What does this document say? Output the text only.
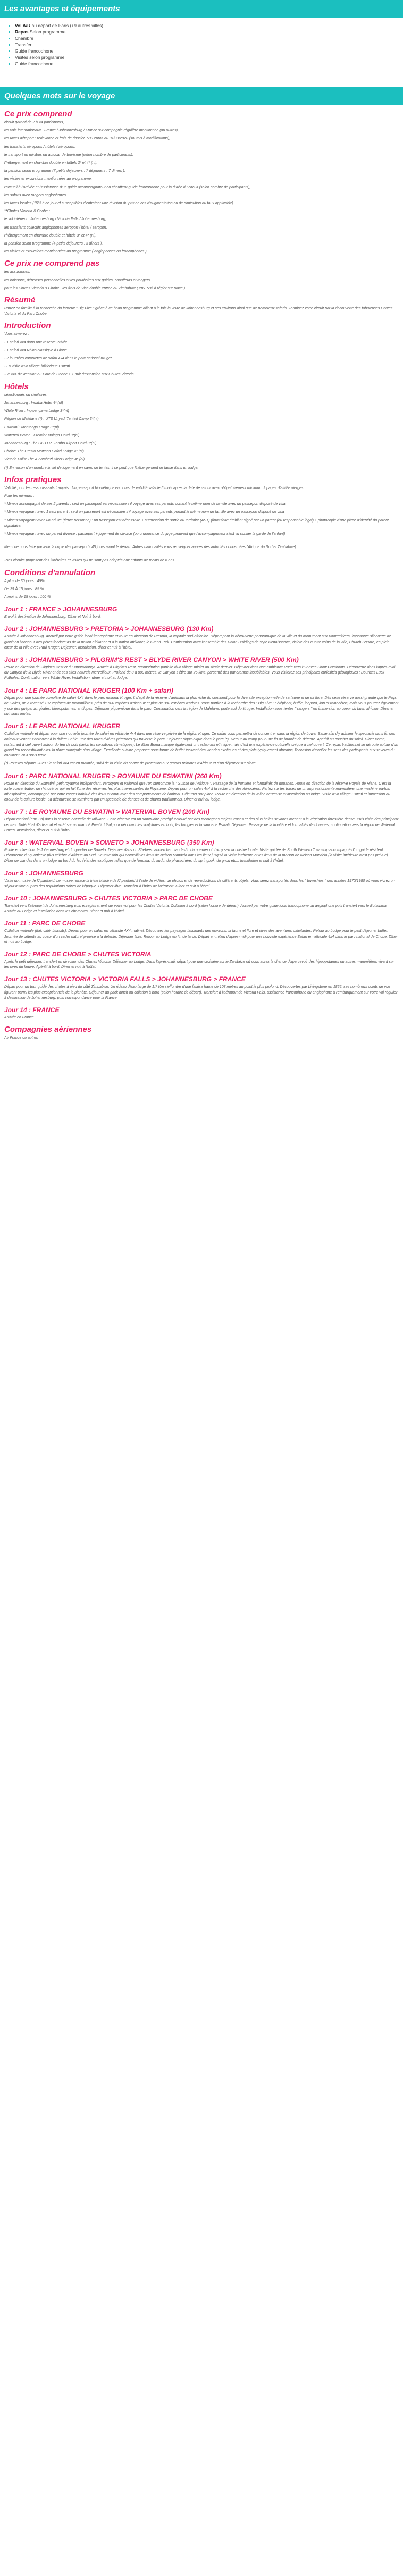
Les avantages et équipements
• Vol A/R au départ de Paris (+9 autres villes)
• Repas Selon programme
• Chambre
• Transfert
• Guide francophone
• Visites selon programme
• Guide francophone
Quelques mots sur le voyage
Ce prix comprend

circuit garanti de 2 à 44 participants,

les vols internationaux : France / Johannesburg / France sur compagnie régulière mentionnée (ou autres),

les taxes aéroport : redevance et frais de dossier. 500 euros au 01/03/2020 (soumis à modifications),

les transferts aéroports / hôtels / aéroports,

le transport en minibus ou autocar de tourisme (selon nombre de participants),

l'hébergement en chambre double en hôtels 3* et 4* (nl),

la pension selon programme (7 petits déjeuners , 7 déjeuners , 7 dîners ),

les visites et excursions mentionnées au programme,

l'accueil à l'arrivée et l'assistance d'un guide accompagnateur ou chauffeur-guide francophone pour la durée du circuit (selon nombre de participants),

les safaris avec rangers anglophones

les taxes locales (15% à ce jour et susceptibles d'entraîner une révision du prix en cas d'augmentation ou de diminution du taux applicable)

**Chutes Victoria & Chobe :

le vol intérieur : Johannesburg / Victoria Falls / Johannesburg,

les transferts collectifs anglophones aéroport / hôtel / aéroport,

l'hébergement en chambre double et hôtels 3* et 4* (nl),

la pension selon programme (4 petits déjeuners , 3 dîners ),

les visites et excursions mentionnées au programme ( anglophones ou francophones )

Ce prix ne comprend pas

les assurances,

les boissons, dépenses personnelles et les pourboires aux guides, chauffeurs et rangers

pour les Chutes Victoria & Chobe : les frais de Visa double entrée au Zimbabwe ( env. 50$ à régler sur place )

Résumé

Partez en famille à la recherche du fameux " Big Five " grâce à ce beau programme alliant à la fois la visite de Johannesburg et ses environs ainsi que de nombreux safaris. Terminez votre circuit par la découverte des fabuleuses Chutes Victoria et du Parc Chobe.

Introduction

Vous aimerez :

- 1 safari 4x4 dans une réserve Privée

- 1 safari 4x4 Rhino classique à Hlane

- 2 journées complètes de safari 4x4 dans le parc national Kruger

- La visite d'un village folklorique Eswati

-Le 4x4 d'extension au Parc de Chobe + 1 nuit d'extension aux Chutes Victoria

Hôtels

sélectionnés ou similaires :

Johannesburg : Indaba Hotel 4* (nl)

White River : Ingwenyama Lodge 3*(nl)

Région de Malelane (*) : UTS Unyadi Tented Camp 3*(nl)

Eswatini : Montenga Lodge 3*(nl)

Waterval Boven : Premier Malaga Hotel 3*(nl)

Johannesburg : The GC O.R. Tambo Airport Hotel 3*(nl)

Chobe: The Cresta Mowana Safari Lodge 4* (nl)

Victoria Falls: The A Zambezi River Lodge 4* (nl)

(*) En raison d'un nombre limité de logement en camp de tentes, il se peut que l'hébergement se fasse dans un lodge.

Infos pratiques

Validité pour les ressortissants français : Un passeport biométrique en cours de validité valable 6 mois après la date de retour avec obligatoirement minimum 2 pages d'affilée vierges.

Pour les mineurs :

* Mineur accompagné de ses 2 parents : seul un passeport est nécessaire s'il voyage avec ses parents portant le même nom de famille avec un passeport disposé de visa

* Mineur voyageant avec 1 seul parent : seul un passeport est nécessaire s'il voyage avec ses parents portant le même nom de famille avec un passeport disposé de visa

* Mineur voyageant avec un adulte (tierce personne) : un passeport est nécessaire + autorisation de sortie du territoire (AST) (formulaire établi et signé par un parent (ou responsable légal) + photocopie d'une pièce d'identité du parent signataire.

* Mineur voyageant avec un parent divorcé : passeport + jugement de divorce (ou ordonnance du juge prouvant que l'accompagnateur s'est vu confier la garde de l'enfant)

Merci de nous faire parvenir la copie des passeports 45 jours avant le départ. Autres nationalités vous renseigner auprès des autorités concernées (Afrique du Sud et Zimbabwe)

-Nos circuits proposent des itinéraires et visites qui ne sont pas adaptés aux enfants de moins de 6 ans

Conditions d'annulation

A plus de 30 jours : 45%

De 29 À 15 jours : 85 %

A moins de 15 jours : 100 %

Jour 1 : FRANCE > JOHANNESBURG

Envol à destination de Johannesburg. Dîner et Nuit à bord.

Jour 2 : JOHANNESBURG > PRETORIA > JOHANNESBURG (130 Km)

Arrivée à Johannesburg. Accueil par votre guide local francophone et route en direction de Pretoria, la capitale sud-africaine. Départ pour la découverte panoramique de la ville et du monument aux Voortrekkers, imposante silhouette de granit en l'honneur des pères fondateurs de la nation afrikaner et à la nation afrikaner, le Grand Trek. Continuation avec l'ensemble des Union Buildings de style Renaissance, visible des quatre coins de la ville, Church Square, en plein cœur de la ville avec Paul Kruger. Déjeuner. Installation, dîner et nuit à l'hôtel.

Jour 3 : JOHANNESBURG > PILGRIM'S REST > BLYDE RIVER CANYON > WHITE RIVER (500 Km)

Route en direction de Pilgrim's Rest et du Mpumalanga. Arrivée à Pilgrim's Rest, reconstitution parfaite d'un village minier du siècle dernier. Déjeuner dans une ambiance Ruée vers l'Or avec Show Gumboots. Découverte dans l'après-midi du Canyon de la Blyde River et de ses sites naturels merveilleux. Profond de 8 à 800 mètres, le Canyon s'étire sur 26 kms, parsemé des panoramas inoubliables. Vous visiterez ses principales curiosités géologiques : Bourke's Luck Potholes. Continuation vers White River. Installation, dîner et nuit au lodge.

Jour 4 : LE PARC NATIONAL KRUGER (100 Km + safari)

Départ pour une journée complète de safari 4X4 dans le parc national Kruger. Il s'agit de la réserve d'animaux la plus riche du continent pour la diversité exceptionnelle de sa faune et de sa flore. Dès cette réserve aussi grande que le Pays de Galles, on a recensé 137 espèces de mammifères, près de 500 espèces d'oiseaux et plus de 300 espèces d'arbres. Vous partirez à la recherche des " Big Five " : éléphant, buffle, léopard, lion et rhinocéros, mais vous pourrez également y voir des guépards, girafes, hippopotames, antilopes. Déjeuner pique-nique dans le parc. Continuation vers la région de Malelane, porte sud du Kruger. Installation sous tentes " rangers " en immersion au coeur du bush africain. Dîner et nuit sous tentes.

Jour 5 : LE PARC NATIONAL KRUGER

Collation matinale et départ pour une nouvelle journée de safari en véhicule 4x4 dans une réserve privée de la région Kruger. Ce safari vous permettra de concentrer dans la région de Lower Sabie afin d'y admirer le spectacle sans fin des animaux venant s'abreuver à la rivière Sabie, une des rares rivières pérennes qui traverse le parc. Déjeuner pique-nique dans le parc (*). Retour au camp pour une fin de journée de détente. Apéritif au coucher du soleil. Dîner Boma, restaurant à ciel ouvert autour du feu de bois (selon les conditions climatiques). Le dîner Boma marque également un restaurant ethnique mais c'est une expérience culturelle unique à ciel ouvert. Ce repas traditionnel se déroule autour d'un grand feu reconstituant ainsi la place principale d'un village. Excellente cuisine proposée sous forme de buffet incluant des viandes exotiques et des plats typiquement africains, l'occasion d'éveiller les sens des participants aux saveurs du continent. Nuit sous tente.

(*) Pour les départs 2020 : le safari 4x4 est en matinée, suivi de la visite du centre de protection aux grands primates d'Afrique et d'un déjeuner sur place.

Jour 6 : PARC NATIONAL KRUGER > ROYAUME DU ESWATINI (260 Km)

Route en direction du Eswatini, petit royaume indépendant, verdoyant et vallonné que l'on surnomme la " Suisse de l'Afrique ". Passage de la frontière et formalités de douanes. Route en direction de la réserve Royale de Hlane. C'est la forte concentration de rhinocéros qui en fait l'une des réserves les plus intéressantes du Royaume. Départ pour un safari 4x4 à la recherche des rhinocéros. Partez sur les traces de un impressionnante mammifère, une machine parfois inhospitalière, accompagné par votre ranger habitué des lieux et coutumier des comportements de l'animal. Déjeuner sur place. Route en direction de la vallée heureuse et installation au lodge. Visite d'un village Eswati et immersion au coeur de la culture locale. La découverte se terminera par un spectacle de danses et de chants traditionnels. Dîner et nuit au lodge.

Jour 7 : LE ROYAUME DU ESWATINI > WATERVAL BOVEN (200 Km)

Départ matinal (env. 3h) dans la réserve naturelle de Milwane. Cette réserve est un sanctuaire protégé entouré par des montagnes majestueuses et des plus belles savanes menant à la végétation forestière dense. Puis visite des principaux centres d'intérêt et d'artisanat et arrêt sur un marché Ewatii. Idéal pour découvrir les sculptures en bois, les bougies et la vannerie Eswati. Déjeuner. Passage de la frontière et formalités de douanes, continuation vers la région de Waterval Boven. Installation, dîner et nuit à l'hôtel.

Jour 8 : WATERVAL BOVEN > SOWETO > JOHANNESBURG (350 Km)

Route en direction de Johannesburg et du quartier de Soweto. Déjeuner dans un Shebeen ancien bar clandestin du quartier où l'on y sert la cuisine locale. Visite guidée de South Western Township accompagné d'un guide résident. Découverte du quartier le plus célèbre d'Afrique du Sud. Ce township qui accueillit les lieux de Nelson Mandela dans les lieux jusqu'à la visite intérieure et les lieux de la maison de Nelson Mandela (la visite intérieure n'est pas prévue). Dîner de viandes dans un lodge au bord du lac (viandes exotiques telles que de l'impala, du kudu, du phacochère, du springbok, du gnou etc... Installation et nuit à l'hôtel.

Jour 9 : JOHANNESBURG

Visite du musée de l'Apartheid. Le musée retrace la triste histoire de l'Apartheid à l'aide de vidéos, de photos et de reproductions de différents objets. Vous serez transportés dans les " townships " des années 1970/1980 où vous vivrez un séjour intime auprès des populations noires de l'époque. Déjeuner libre. Transfert à l'hôtel de l'aéroport. Dîner et nuit à l'hôtel.

Jour 10 : JOHANNESBURG > CHUTES VICTORIA > PARC DE CHOBE

Transfert vers l'aéroport de Johannesburg puis enregistrement sur votre vol pour les Chutes Victoria. Collation à bord (selon horaire de départ). Accueil par votre guide local francophone ou anglophone puis transfert vers le Botswana. Arrivée au Lodge et installation dans les chambres. Dîner et nuit à l'hôtel.

Jour 11 : PARC DE CHOBE

Collation matinale (thé, café, biscuits). Départ pour un safari en véhicule 4X4 matinal. Découvrez les paysages fascinants des environs, la faune et flore et vivez des aventures palpitantes. Retour au Lodge pour le petit déjeuner buffet. Journée de détente au coeur d'un cadre naturel propice à la détente. Déjeuner libre. Retour au Lodge en fin de tarde. Départ en milieu d'après-midi pour une nouvelle expérience Safari en véhicule 4x4 dans le parc national de Chobe. Dîner et nuit au Lodge.

Jour 12 : PARC DE CHOBE > CHUTES VICTORIA

Après le petit déjeuner, transfert en direction des Chutes Victoria. Déjeuner au Lodge. Dans l'après-midi, départ pour une croisière sur le Zambèze où vous aurez la chance d'apercevoir des hippopotames ou autres mammifères vivant sur les rives du fleuve. Apéritif à bord. Dîner et nuit à l'hôtel.

Jour 13 : CHUTES VICTORIA > VICTORIA FALLS > JOHANNESBURG > FRANCE

Départ pour un tour guidé des chutes à pied du côté Zimbabwe. Un rideau d'eau large de 1,7 Km s'effondre d'une falaise haute de 108 mètres au point le plus profond. Découvertes par Livingstone en 1855, ses nombreux points de vue figurent parmi les plus exceptionnels de la planète. Déjeuner au pack lunch ou collation à bord (selon horaire de départ). Transfert à l'aéroport de Victoria Falls, assistance francophone ou anglophone à l'embarquement sur votre vol régulier à destination de Johannesburg, puis correspondance pour la France.

Jour 14 : FRANCE

Arrivée en France.

Compagnies aériennes

Air France ou autres
